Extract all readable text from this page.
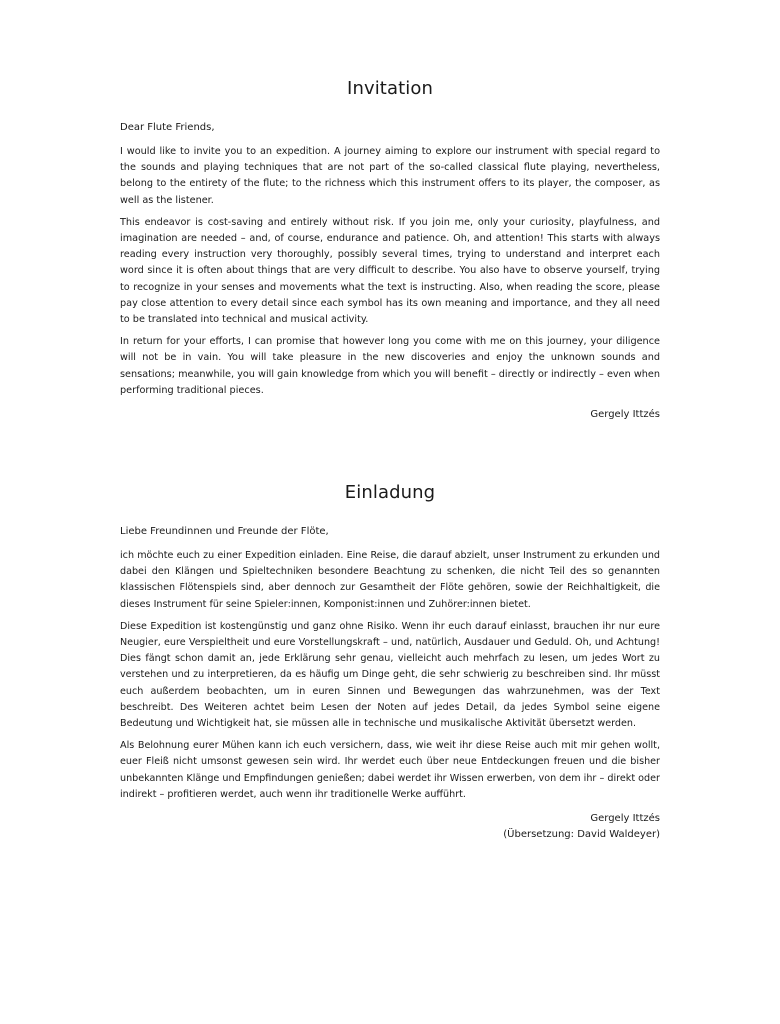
Invitation

Dear Flute Friends,

I would like to invite you to an expedition. A journey aiming to explore our instrument with special regard to the sounds and playing techniques that are not part of the so-called classical flute playing, nevertheless, belong to the entirety of the flute; to the richness which this instrument offers to its player, the composer, as well as the listener.

This endeavor is cost-saving and entirely without risk. If you join me, only your curiosity, playfulness, and imagination are needed – and, of course, endurance and patience. Oh, and attention! This starts with always reading every instruction very thoroughly, possibly several times, trying to understand and interpret each word since it is often about things that are very difficult to describe. You also have to observe yourself, trying to recognize in your senses and movements what the text is instructing. Also, when reading the score, please pay close attention to every detail since each symbol has its own meaning and importance, and they all need to be translated into technical and musical activity.

In return for your efforts, I can promise that however long you come with me on this journey, your diligence will not be in vain. You will take pleasure in the new discoveries and enjoy the unknown sounds and sensations; meanwhile, you will gain knowledge from which you will benefit – directly or indirectly – even when performing traditional pieces.

Gergely Ittzés
Einladung

Liebe Freundinnen und Freunde der Flöte,

ich möchte euch zu einer Expedition einladen. Eine Reise, die darauf abzielt, unser Instrument zu erkunden und dabei den Klängen und Spieltechniken besondere Beachtung zu schenken, die nicht Teil des so genannten klassischen Flötenspiels sind, aber dennoch zur Gesamtheit der Flöte gehören, sowie der Reichhaltigkeit, die dieses Instrument für seine Spieler:innen, Komponist:innen und Zuhörer:innen bietet.

Diese Expedition ist kostengünstig und ganz ohne Risiko. Wenn ihr euch darauf einlasst, brauchen ihr nur eure Neugier, eure Verspieltheit und eure Vorstellungskraft – und, natürlich, Ausdauer und Geduld. Oh, und Achtung! Dies fängt schon damit an, jede Erklärung sehr genau, vielleicht auch mehrfach zu lesen, um jedes Wort zu verstehen und zu interpretieren, da es häufig um Dinge geht, die sehr schwierig zu beschreiben sind. Ihr müsst euch außerdem beobachten, um in euren Sinnen und Bewegungen das wahrzunehmen, was der Text beschreibt. Des Weiteren achtet beim Lesen der Noten auf jedes Detail, da jedes Symbol seine eigene Bedeutung und Wichtigkeit hat, sie müssen alle in technische und musikalische Aktivität übersetzt werden.

Als Belohnung eurer Mühen kann ich euch versichern, dass, wie weit ihr diese Reise auch mit mir gehen wollt, euer Fleiß nicht umsonst gewesen sein wird. Ihr werdet euch über neue Entdeckungen freuen und die bisher unbekannten Klänge und Empfindungen genießen; dabei werdet ihr Wissen erwerben, von dem ihr – direkt oder indirekt – profitieren werdet, auch wenn ihr traditionelle Werke aufführt.

Gergely Ittzés
(Übersetzung: David Waldeyer)
